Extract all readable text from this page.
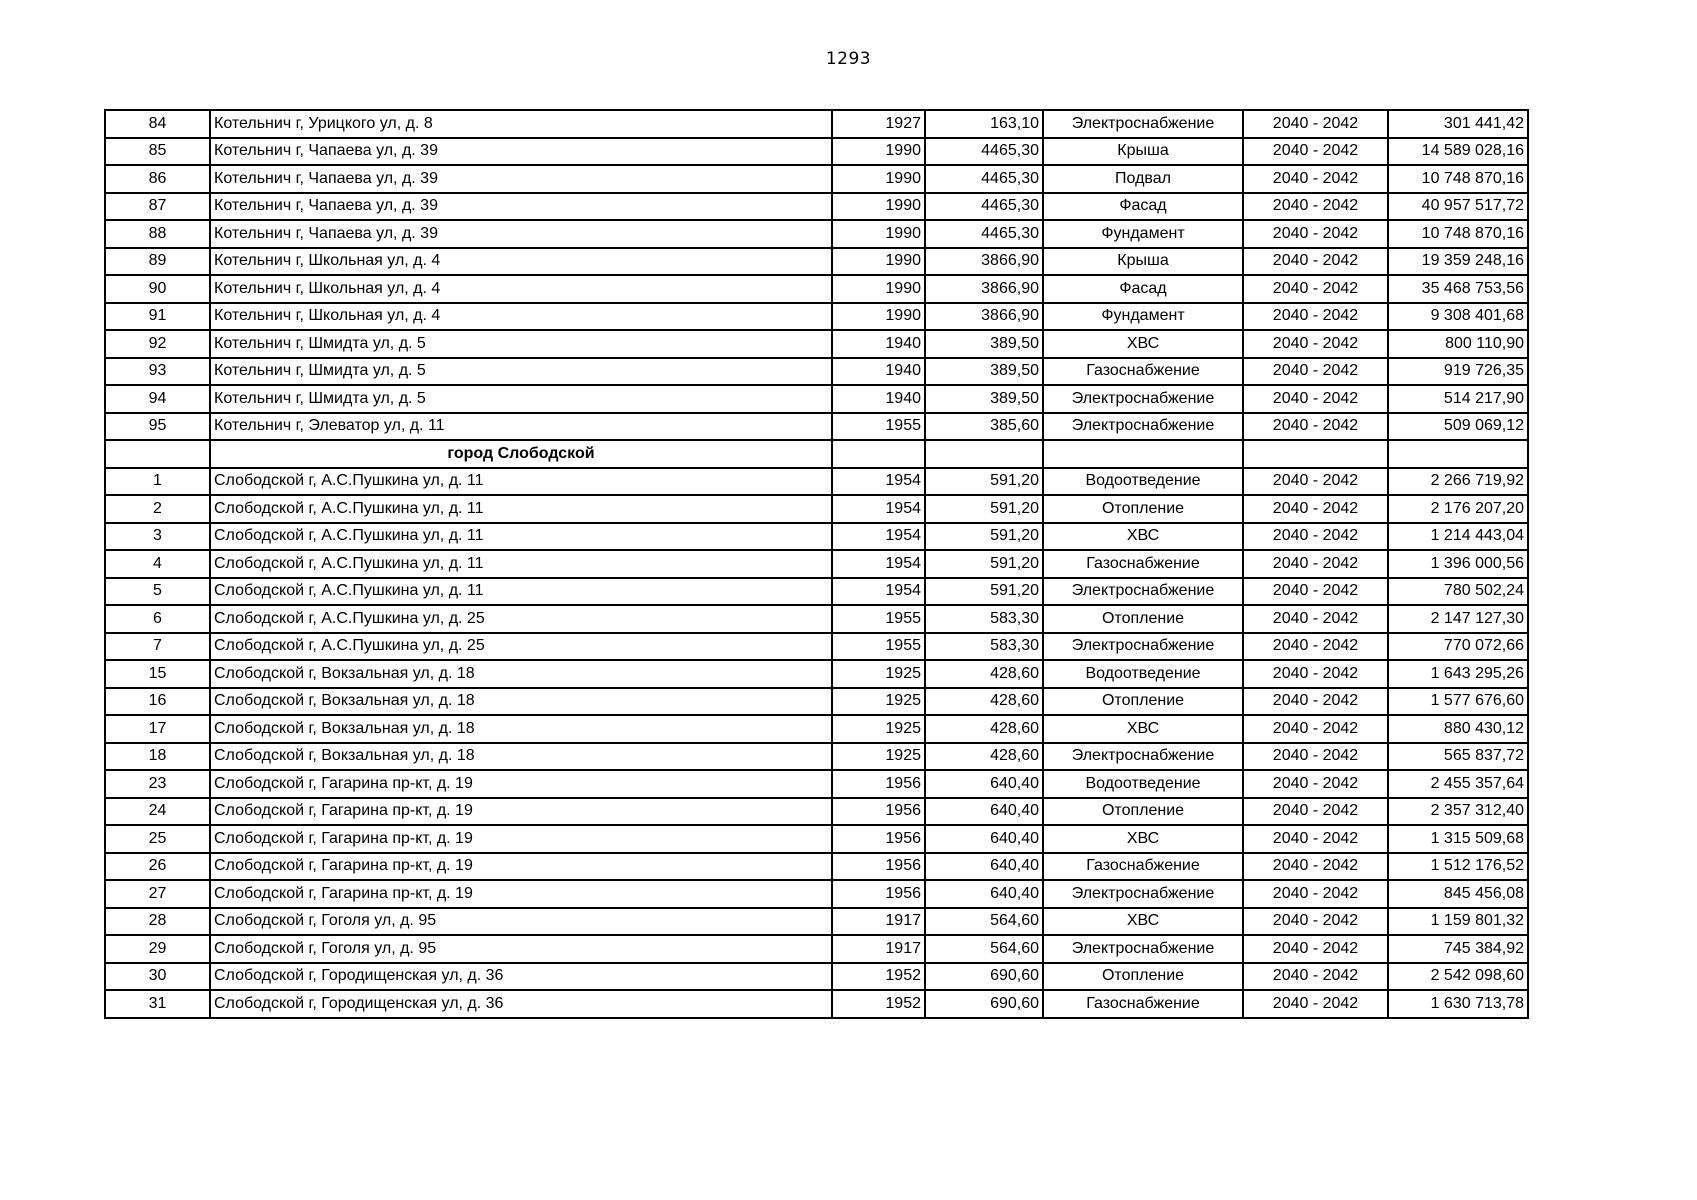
1293
84	Котельнич г, Урицкого ул, д. 8	1927	163,10	Электроснабжение	2040 - 2042	301 441,42
85	Котельнич г, Чапаева ул, д. 39	1990	4465,30	Крыша	2040 - 2042	14 589 028,16
86	Котельнич г, Чапаева ул, д. 39	1990	4465,30	Подвал	2040 - 2042	10 748 870,16
87	Котельнич г, Чапаева ул, д. 39	1990	4465,30	Фасад	2040 - 2042	40 957 517,72
88	Котельнич г, Чапаева ул, д. 39	1990	4465,30	Фундамент	2040 - 2042	10 748 870,16
89	Котельнич г, Школьная ул, д. 4	1990	3866,90	Крыша	2040 - 2042	19 359 248,16
90	Котельнич г, Школьная ул, д. 4	1990	3866,90	Фасад	2040 - 2042	35 468 753,56
91	Котельнич г, Школьная ул, д. 4	1990	3866,90	Фундамент	2040 - 2042	9 308 401,68
92	Котельнич г, Шмидта ул, д. 5	1940	389,50	ХВС	2040 - 2042	800 110,90
93	Котельнич г, Шмидта ул, д. 5	1940	389,50	Газоснабжение	2040 - 2042	919 726,35
94	Котельнич г, Шмидта ул, д. 5	1940	389,50	Электроснабжение	2040 - 2042	514 217,90
95	Котельнич г, Элеватор ул, д. 11	1955	385,60	Электроснабжение	2040 - 2042	509 069,12
	город Слободской					
1	Слободской г, А.С.Пушкина ул, д. 11	1954	591,20	Водоотведение	2040 - 2042	2 266 719,92
2	Слободской г, А.С.Пушкина ул, д. 11	1954	591,20	Отопление	2040 - 2042	2 176 207,20
3	Слободской г, А.С.Пушкина ул, д. 11	1954	591,20	ХВС	2040 - 2042	1 214 443,04
4	Слободской г, А.С.Пушкина ул, д. 11	1954	591,20	Газоснабжение	2040 - 2042	1 396 000,56
5	Слободской г, А.С.Пушкина ул, д. 11	1954	591,20	Электроснабжение	2040 - 2042	780 502,24
6	Слободской г, А.С.Пушкина ул, д. 25	1955	583,30	Отопление	2040 - 2042	2 147 127,30
7	Слободской г, А.С.Пушкина ул, д. 25	1955	583,30	Электроснабжение	2040 - 2042	770 072,66
15	Слободской г, Вокзальная ул, д. 18	1925	428,60	Водоотведение	2040 - 2042	1 643 295,26
16	Слободской г, Вокзальная ул, д. 18	1925	428,60	Отопление	2040 - 2042	1 577 676,60
17	Слободской г, Вокзальная ул, д. 18	1925	428,60	ХВС	2040 - 2042	880 430,12
18	Слободской г, Вокзальная ул, д. 18	1925	428,60	Электроснабжение	2040 - 2042	565 837,72
23	Слободской г, Гагарина пр-кт, д. 19	1956	640,40	Водоотведение	2040 - 2042	2 455 357,64
24	Слободской г, Гагарина пр-кт, д. 19	1956	640,40	Отопление	2040 - 2042	2 357 312,40
25	Слободской г, Гагарина пр-кт, д. 19	1956	640,40	ХВС	2040 - 2042	1 315 509,68
26	Слободской г, Гагарина пр-кт, д. 19	1956	640,40	Газоснабжение	2040 - 2042	1 512 176,52
27	Слободской г, Гагарина пр-кт, д. 19	1956	640,40	Электроснабжение	2040 - 2042	845 456,08
28	Слободской г, Гоголя ул, д. 95	1917	564,60	ХВС	2040 - 2042	1 159 801,32
29	Слободской г, Гоголя ул, д. 95	1917	564,60	Электроснабжение	2040 - 2042	745 384,92
30	Слободской г, Городищенская ул, д. 36	1952	690,60	Отопление	2040 - 2042	2 542 098,60
31	Слободской г, Городищенская ул, д. 36	1952	690,60	Газоснабжение	2040 - 2042	1 630 713,78
